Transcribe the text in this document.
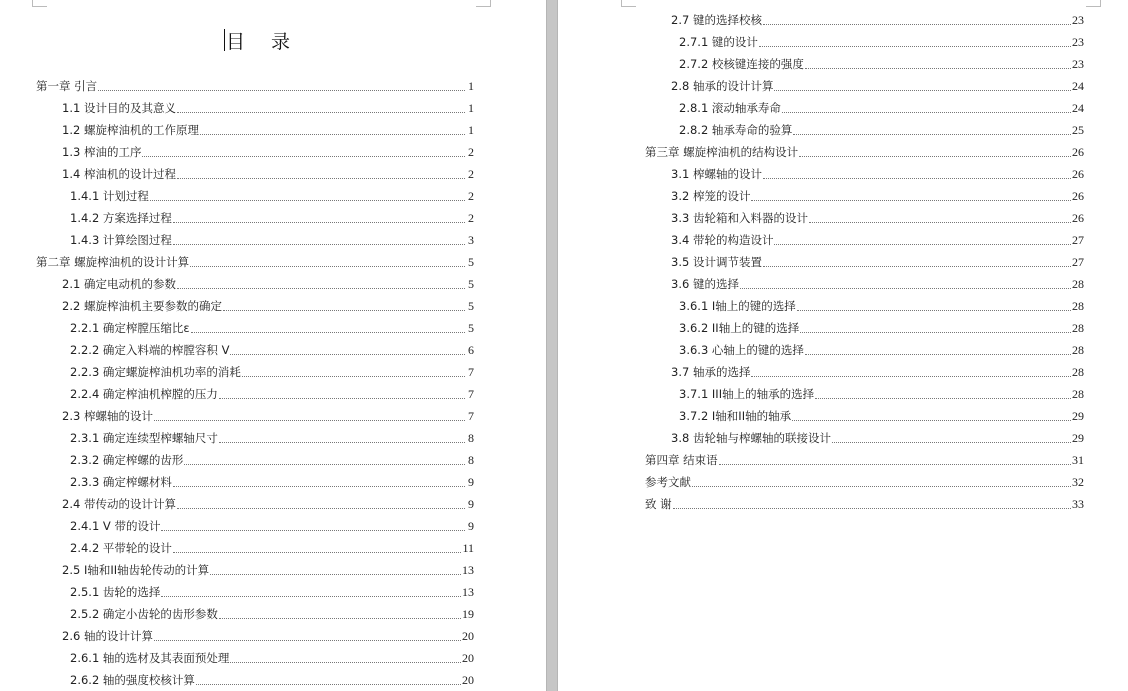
目 录
第一章 引言	1
1.1 设计目的及其意义	1
1.2 螺旋榨油机的工作原理	1
1.3 榨油的工序	2
1.4 榨油机的设计过程	2
1.4.1 计划过程	2
1.4.2 方案选择过程	2
1.4.3 计算绘图过程	3
第二章 螺旋榨油机的设计计算	5
2.1 确定电动机的参数	5
2.2 螺旋榨油机主要参数的确定	5
2.2.1 确定榨膛压缩比ε	5
2.2.2 确定入料端的榨膛容积 V	6
2.2.3 确定螺旋榨油机功率的消耗	7
2.2.4 确定榨油机榨膛的压力	7
2.3 榨螺轴的设计	7
2.3.1 确定连续型榨螺轴尺寸	8
2.3.2 确定榨螺的齿形	8
2.3.3 确定榨螺材料	9
2.4 带传动的设计计算	9
2.4.1 V 带的设计	9
2.4.2 平带轮的设计	11
2.5 I轴和II轴齿轮传动的计算	13
2.5.1 齿轮的选择	13
2.5.2 确定小齿轮的齿形参数	19
2.6 轴的设计计算	20
2.6.1 轴的选材及其表面预处理	20
2.6.2 轴的强度校核计算	20
2.7 键的选择校核	23
2.7.1 键的设计	23
2.7.2 校核键连接的强度	23
2.8 轴承的设计计算	24
2.8.1 滚动轴承寿命	24
2.8.2 轴承寿命的验算	25
第三章 螺旋榨油机的结构设计	26
3.1 榨螺轴的设计	26
3.2 榨笼的设计	26
3.3 齿轮箱和入料器的设计	26
3.4 带轮的构造设计	27
3.5 设计调节装置	27
3.6 键的选择	28
3.6.1 I轴上的键的选择	28
3.6.2 II轴上的键的选择	28
3.6.3 心轴上的键的选择	28
3.7 轴承的选择	28
3.7.1 III轴上的轴承的选择	28
3.7.2 I轴和II轴的轴承	29
3.8 齿轮轴与榨螺轴的联接设计	29
第四章 结束语	31
参考文献	32
致 谢	33
